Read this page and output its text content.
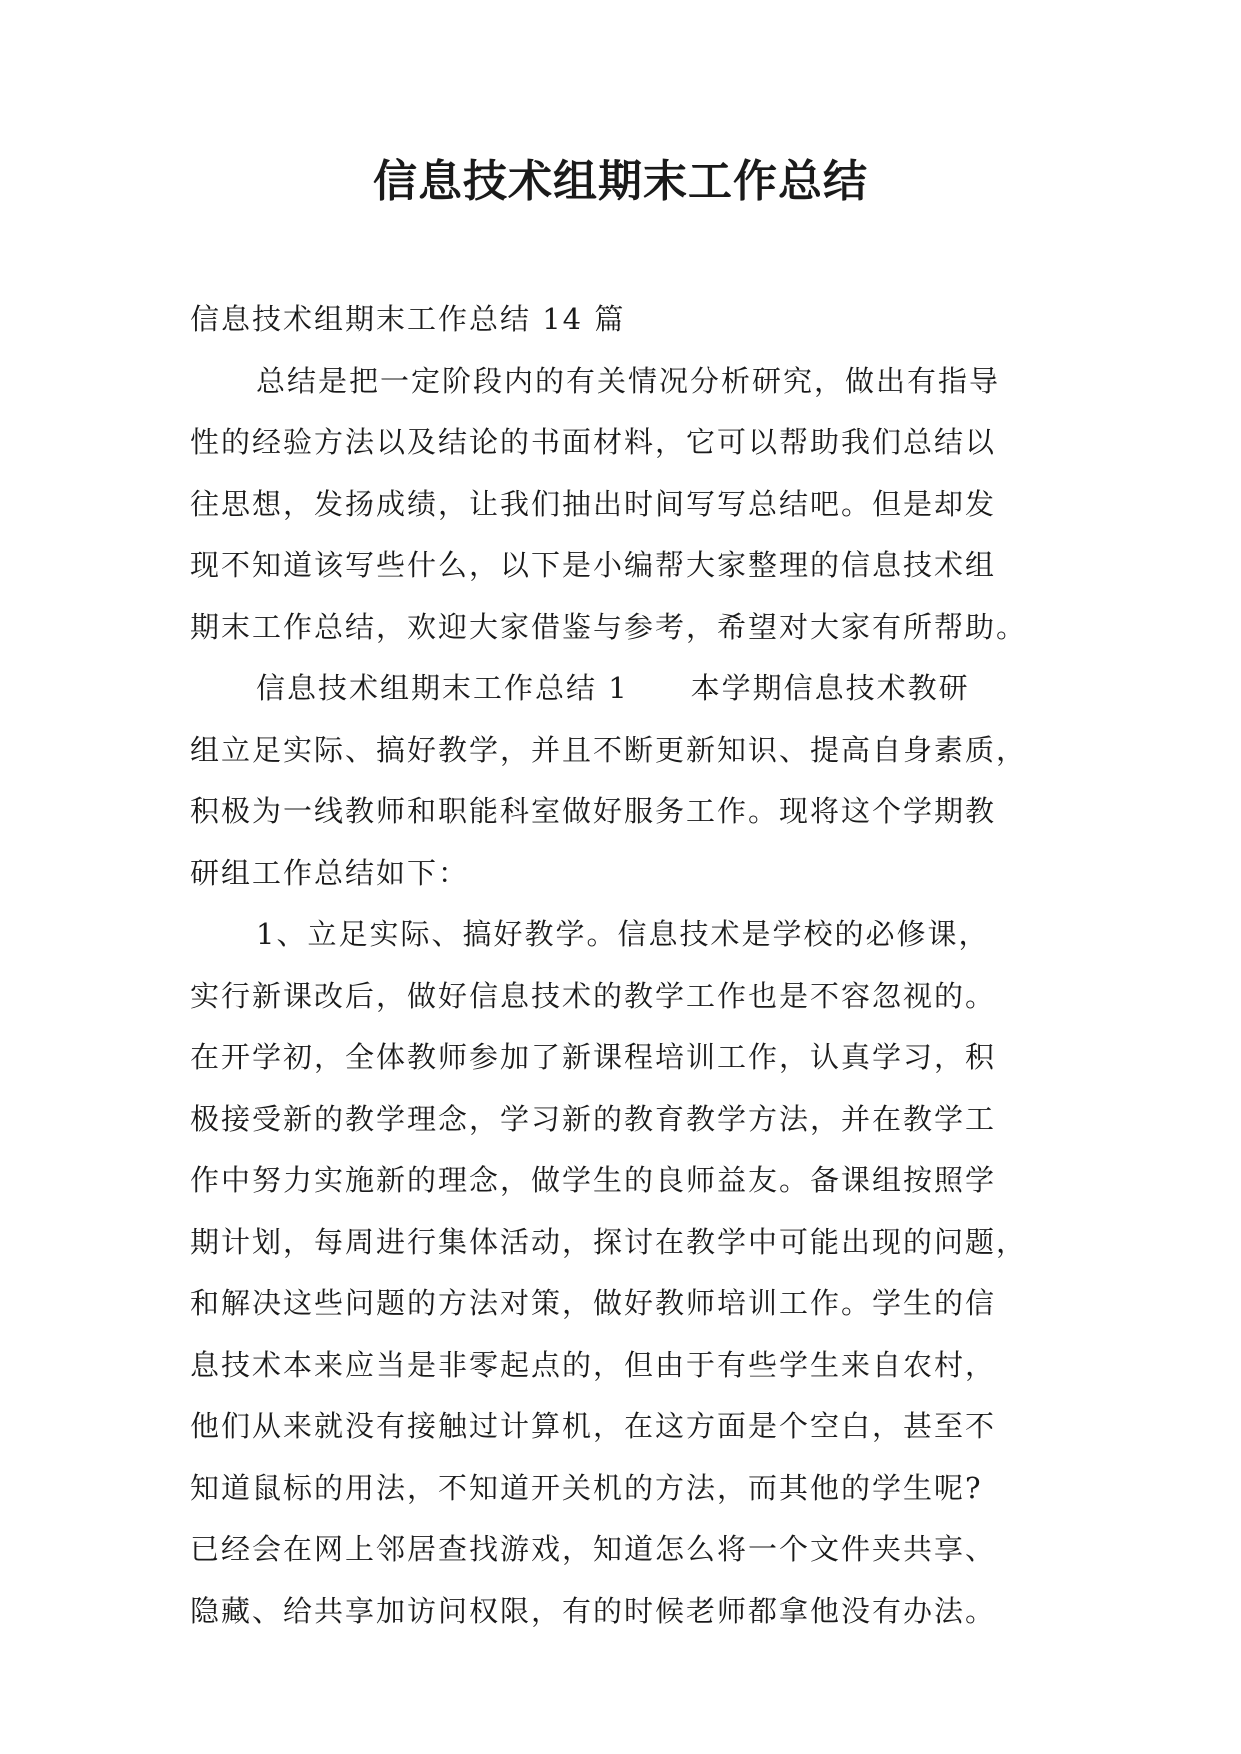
信息技术组期末工作总结
信息技术组期末工作总结 14 篇
总结是把一定阶段内的有关情况分析研究，做出有指导
性的经验方法以及结论的书面材料，它可以帮助我们总结以
往思想，发扬成绩，让我们抽出时间写写总结吧。但是却发
现不知道该写些什么，以下是小编帮大家整理的信息技术组
期末工作总结，欢迎大家借鉴与参考，希望对大家有所帮助。
信息技术组期末工作总结 1　　本学期信息技术教研
组立足实际、搞好教学，并且不断更新知识、提高自身素质，
积极为一线教师和职能科室做好服务工作。现将这个学期教
研组工作总结如下：
1、立足实际、搞好教学。信息技术是学校的必修课，
实行新课改后，做好信息技术的教学工作也是不容忽视的。
在开学初，全体教师参加了新课程培训工作，认真学习，积
极接受新的教学理念，学习新的教育教学方法，并在教学工
作中努力实施新的理念，做学生的良师益友。备课组按照学
期计划，每周进行集体活动，探讨在教学中可能出现的问题，
和解决这些问题的方法对策，做好教师培训工作。学生的信
息技术本来应当是非零起点的，但由于有些学生来自农村，
他们从来就没有接触过计算机，在这方面是个空白，甚至不
知道鼠标的用法，不知道开关机的方法，而其他的学生呢?
已经会在网上邻居查找游戏，知道怎么将一个文件夹共享、
隐藏、给共享加访问权限，有的时候老师都拿他没有办法。
